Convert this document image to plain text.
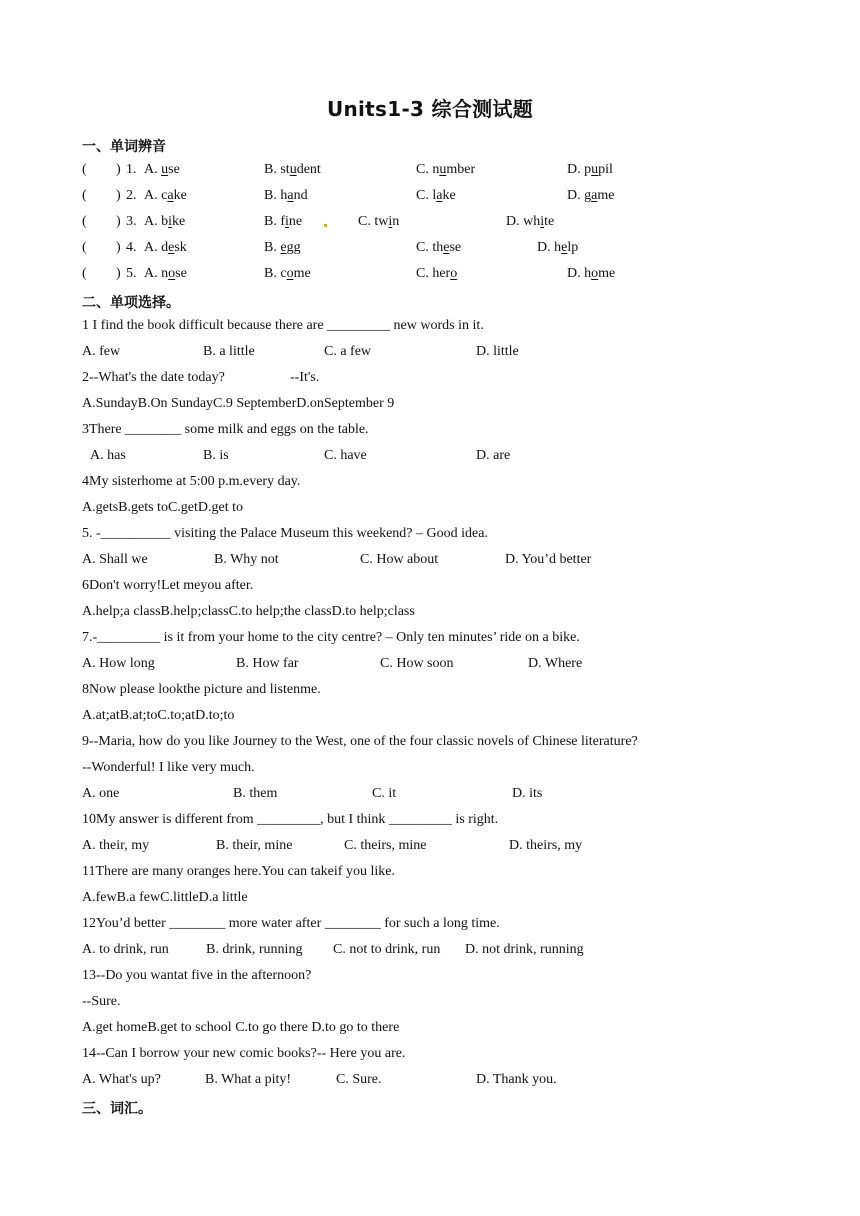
Units1-3 综合测试题
一、单词辨音
( ) 1. A. use	B. student	C. number	D. pupil
( ) 2. A. cake	B. hand	C. lake	D. game
( ) 3. A. bike	B. fine	C. twin	D. white
( ) 4. A. desk	B. egg	C. these	D. help
( ) 5. A. nose	B. come	C. hero	D. home
二、单项选择。
1 I find the book difficult because there are _________ new words in it.
A. few	B. a little	C. a few	D. little
2--What's the date today?	--It's.
A.SundayB.On SundayC.9 SeptemberD.onSeptember 9
3There ________ some milk and eggs on the table.
A. has	B. is	C. have	D. are
4My sisterhome at 5:00 p.m.every day.
A.getsB.gets toC.getD.get to
5. -__________ visiting the Palace Museum this weekend? – Good idea.
A. Shall we	B. Why not	C. How about	D. You’d better
6Don't worry!Let meyou after.
A.help;a classB.help;classC.to help;the classD.to help;class
7.-_________ is it from your home to the city centre? – Only ten minutes’ ride on a bike.
A. How long	B. How far	C. How soon	D. Where
8Now please lookthe picture and listenme.
A.at;atB.at;toC.to;atD.to;to
9--Maria, how do you like Journey to the West, one of the four classic novels of Chinese literature?
--Wonderful! I like very much.
A. one	B. them	C. it	D. its
10My answer is different from _________, but I think _________ is right.
A. their, my	B. their, mine	C. theirs, mine	D. theirs, my
11There are many oranges here.You can takeif you like.
A.fewB.a fewC.littleD.a little
12You’d better ________ more water after ________ for such a long time.
A. to drink, run	B. drink, running C. not to drink, run D. not drink, running
13--Do you wantat five in the afternoon?
--Sure.
A.get homeB.get to school C.to go there D.to go to there
14--Can I borrow your new comic books?-- Here you are.
A. What's up?	B. What a pity!	C. Sure.	D. Thank you.
三、词汇。
